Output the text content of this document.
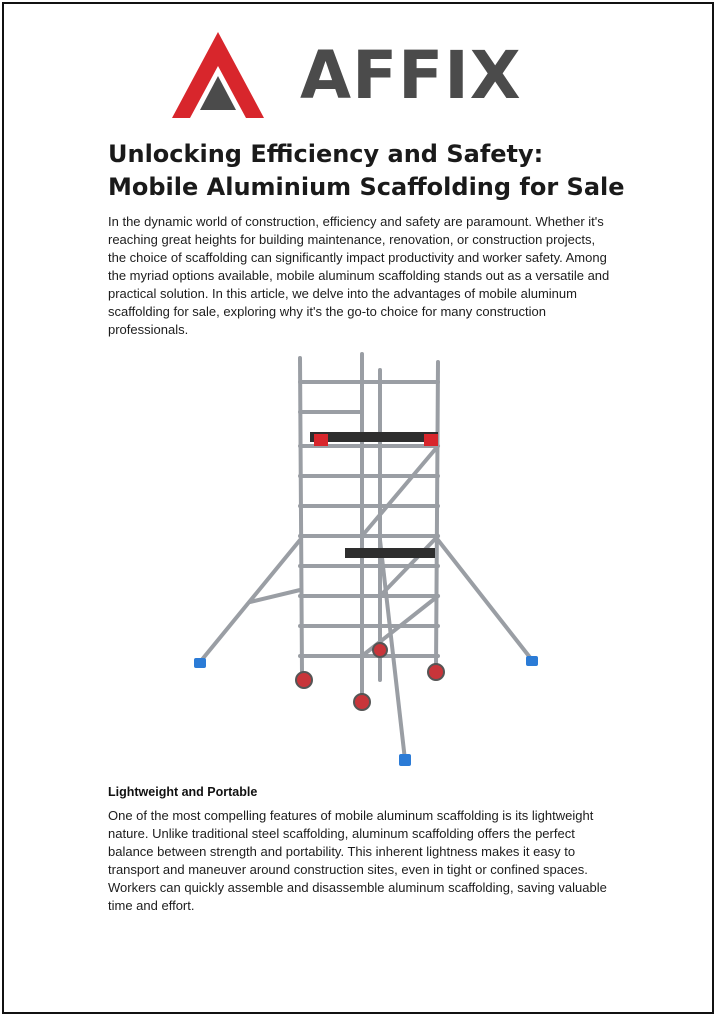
AFFIX
Unlocking Efficiency and Safety: Mobile Aluminium Scaffolding for Sale

In the dynamic world of construction, efficiency and safety are paramount. Whether it's reaching great heights for building maintenance, renovation, or construction projects, the choice of scaffolding can significantly impact productivity and worker safety. Among the myriad options available, mobile aluminum scaffolding stands out as a versatile and practical solution. In this article, we delve into the advantages of mobile aluminum scaffolding for sale, exploring why it's the go-to choice for many construction professionals.

Lightweight and Portable

One of the most compelling features of mobile aluminum scaffolding is its lightweight nature. Unlike traditional steel scaffolding, aluminum scaffolding offers the perfect balance between strength and portability. This inherent lightness makes it easy to transport and maneuver around construction sites, even in tight or confined spaces. Workers can quickly assemble and disassemble aluminum scaffolding, saving valuable time and effort.
